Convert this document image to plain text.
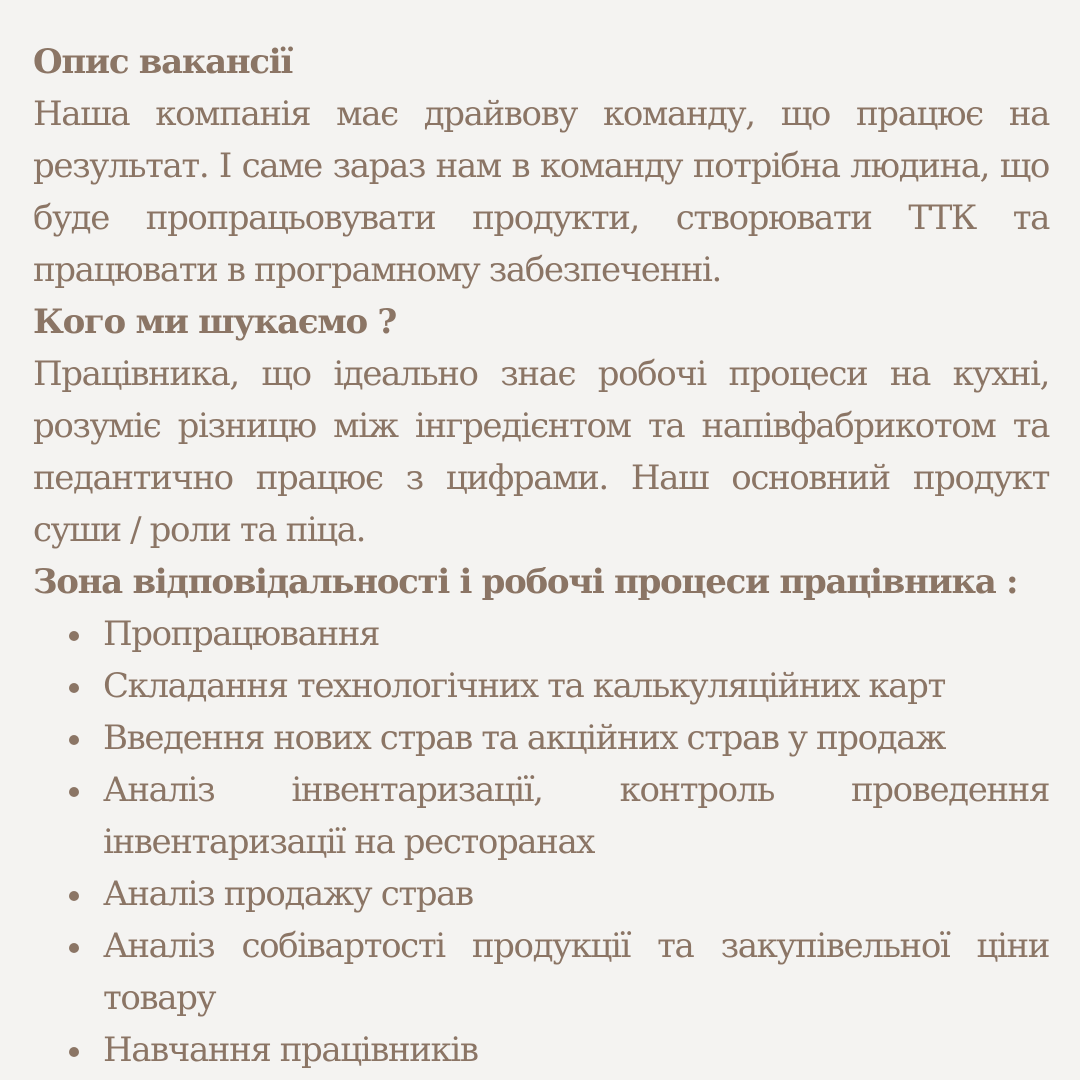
Опис вакансії

Наша компанія має драйвову команду, що працює на результат. І саме зараз нам в команду потрібна людина, що буде пропрацьовувати продукти, створювати ТТК та працювати в програмному забезпеченні.

Кого ми шукаємо ?

Працівника, що ідеально знає робочі процеси на кухні, розуміє різницю між інгредієнтом та напівфабрикотом та педантично працює з цифрами. Наш основний продукт суши / роли та піца.

Зона відповідальності і робочі процеси працівника :
Пропрацювання
Складання технологічних та калькуляційних карт
Введення нових страв та акційних страв у продаж
Аналіз інвентаризації, контроль проведення інвентаризації на ресторанах
Аналіз продажу страв
Аналіз собівартості продукції та закупівельної ціни товару
Навчання працівників
